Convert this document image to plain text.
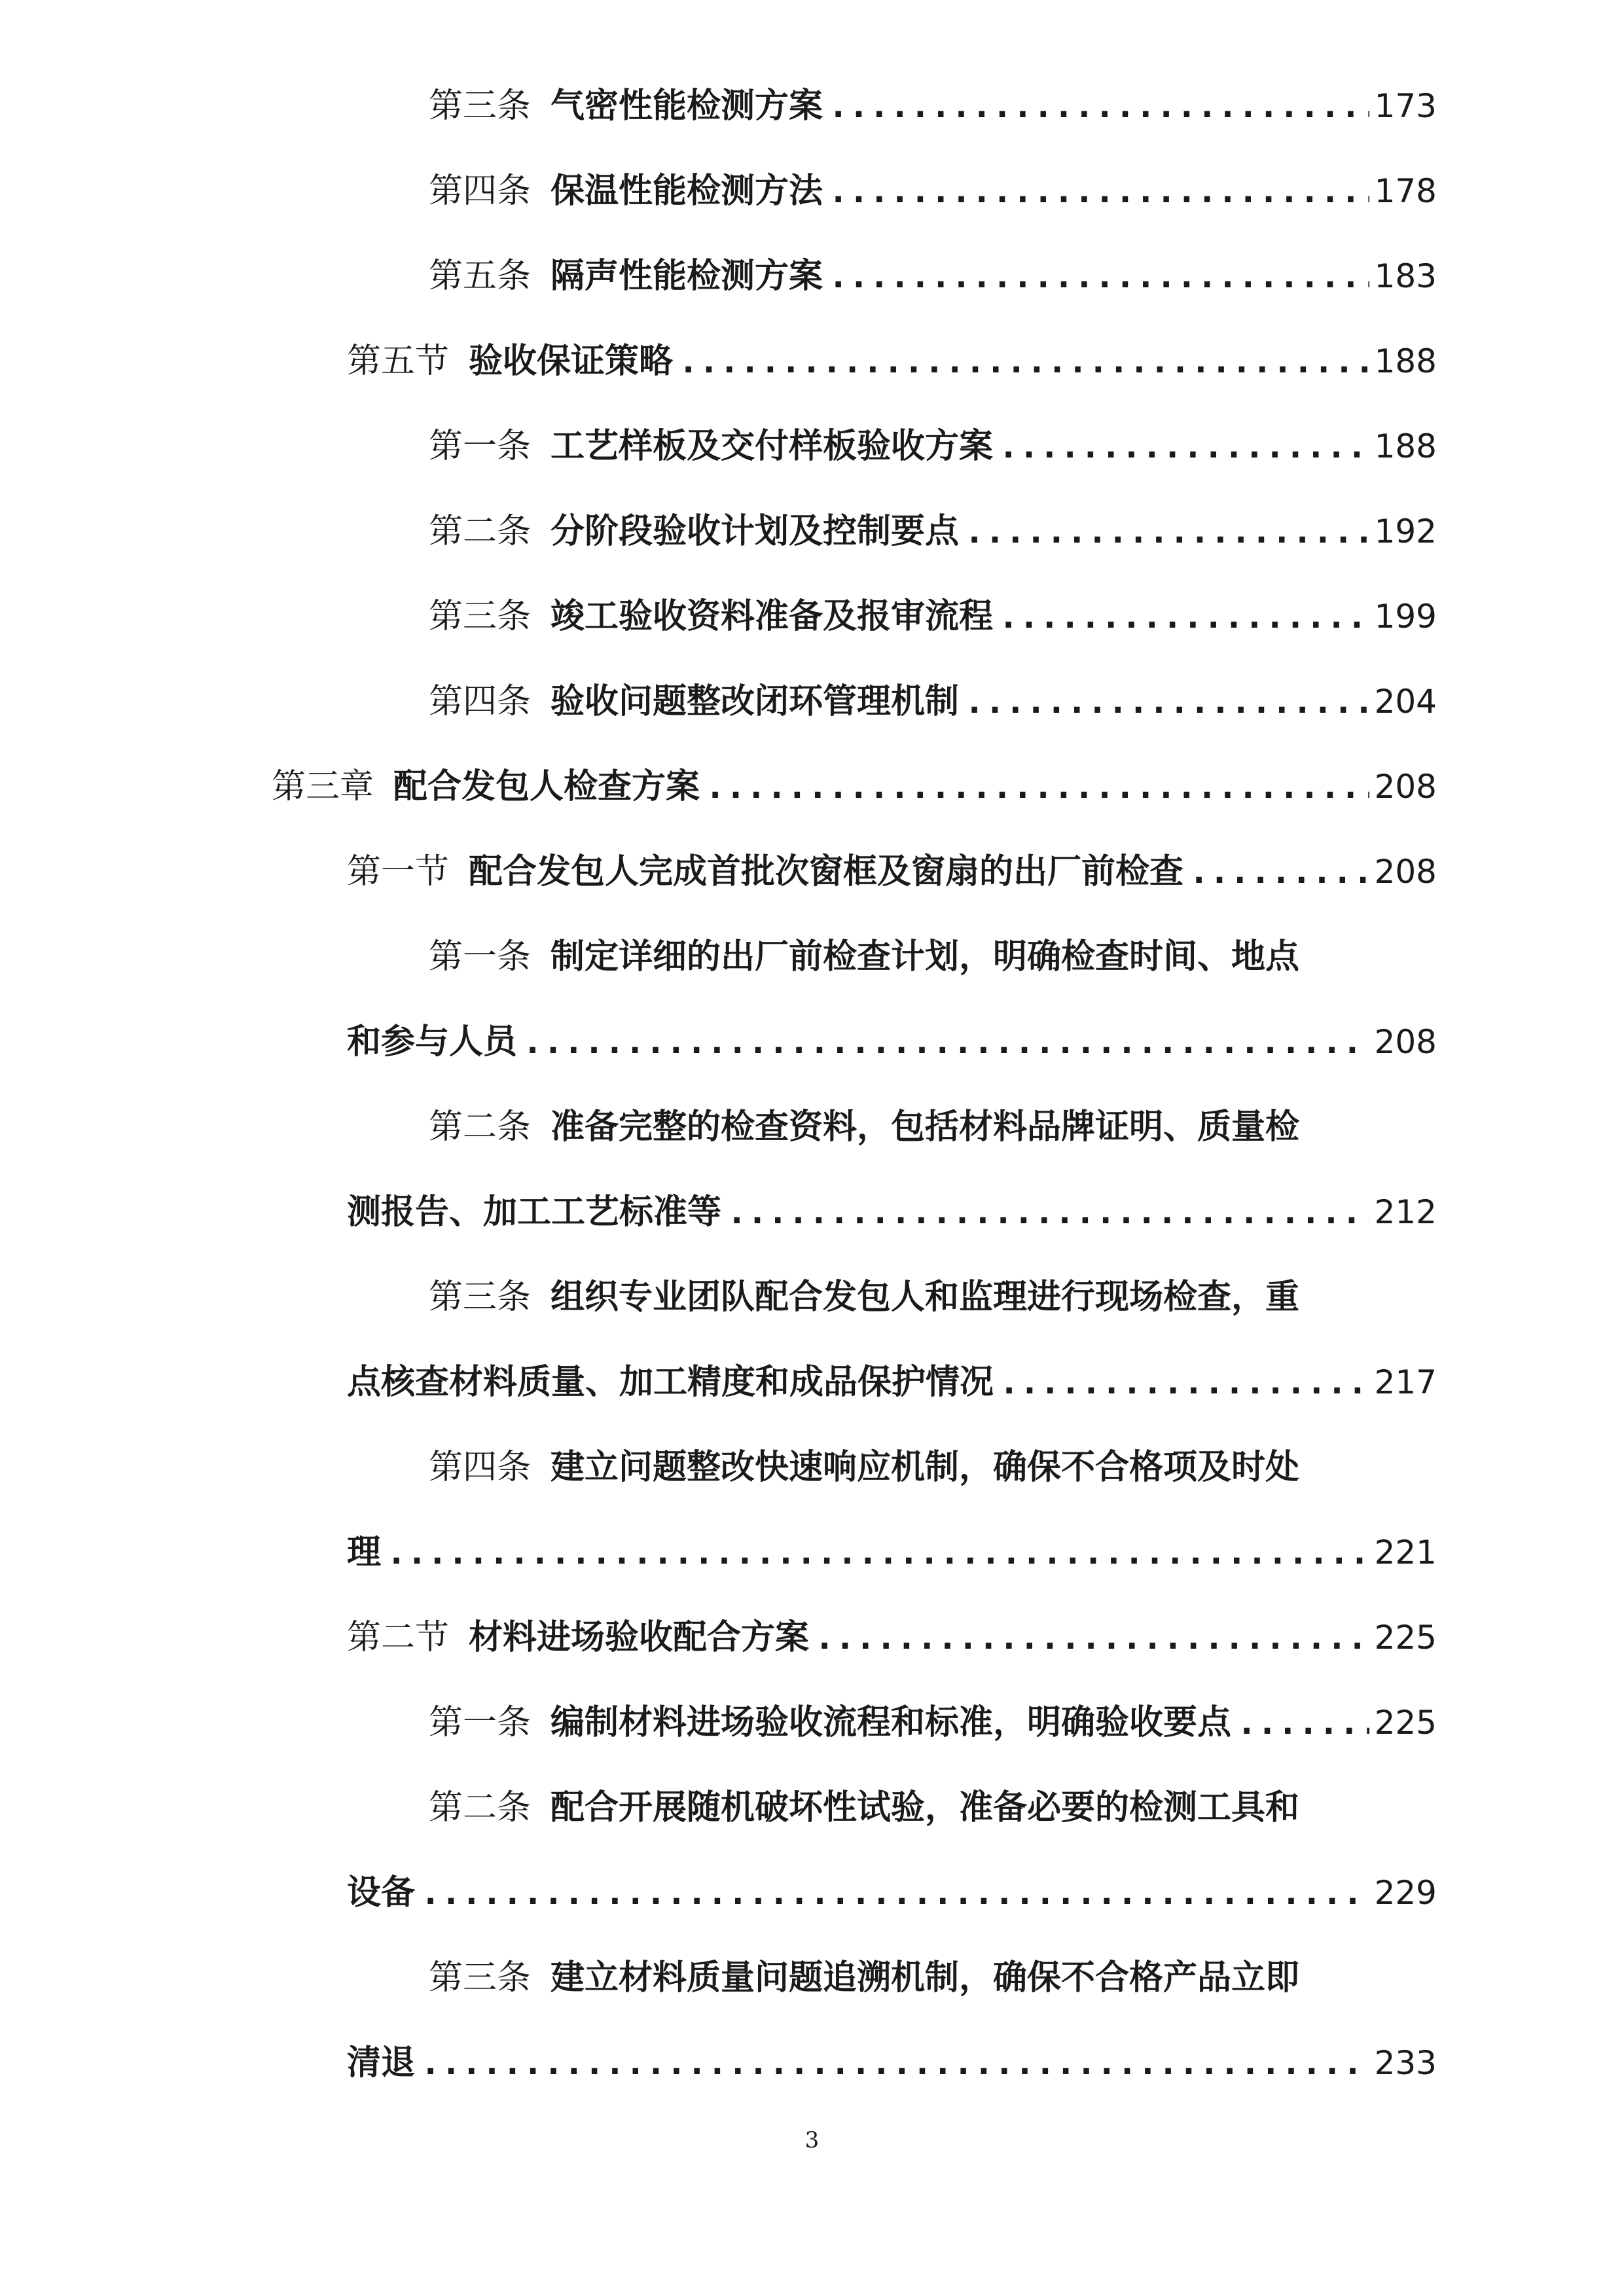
第三条 气密性能检测方案 .....	173
第四条 保温性能检测方法 .....	178
第五条 隔声性能检测方案 .....	183
第五节 验收保证策略 .....	188
第一条 工艺样板及交付样板验收方案 .....	188
第二条 分阶段验收计划及控制要点 .....	192
第三条 竣工验收资料准备及报审流程 .....	199
第四条 验收问题整改闭环管理机制 .....	204
第三章 配合发包人检查方案 .....	208
第一节 配合发包人完成首批次窗框及窗扇的出厂前检查 .....	208
第一条 制定详细的出厂前检查计划，明确检查时间、地点
和参与人员 .....	208
第二条 准备完整的检查资料，包括材料品牌证明、质量检
测报告、加工工艺标准等 .....	212
第三条 组织专业团队配合发包人和监理进行现场检查，重
点核查材料质量、加工精度和成品保护情况 .....	217
第四条 建立问题整改快速响应机制，确保不合格项及时处
理 .....	221
第二节 材料进场验收配合方案 .....	225
第一条 编制材料进场验收流程和标准，明确验收要点 .....	225
第二条 配合开展随机破坏性试验，准备必要的检测工具和
设备 .....	229
第三条 建立材料质量问题追溯机制，确保不合格产品立即
清退 .....	233
3
